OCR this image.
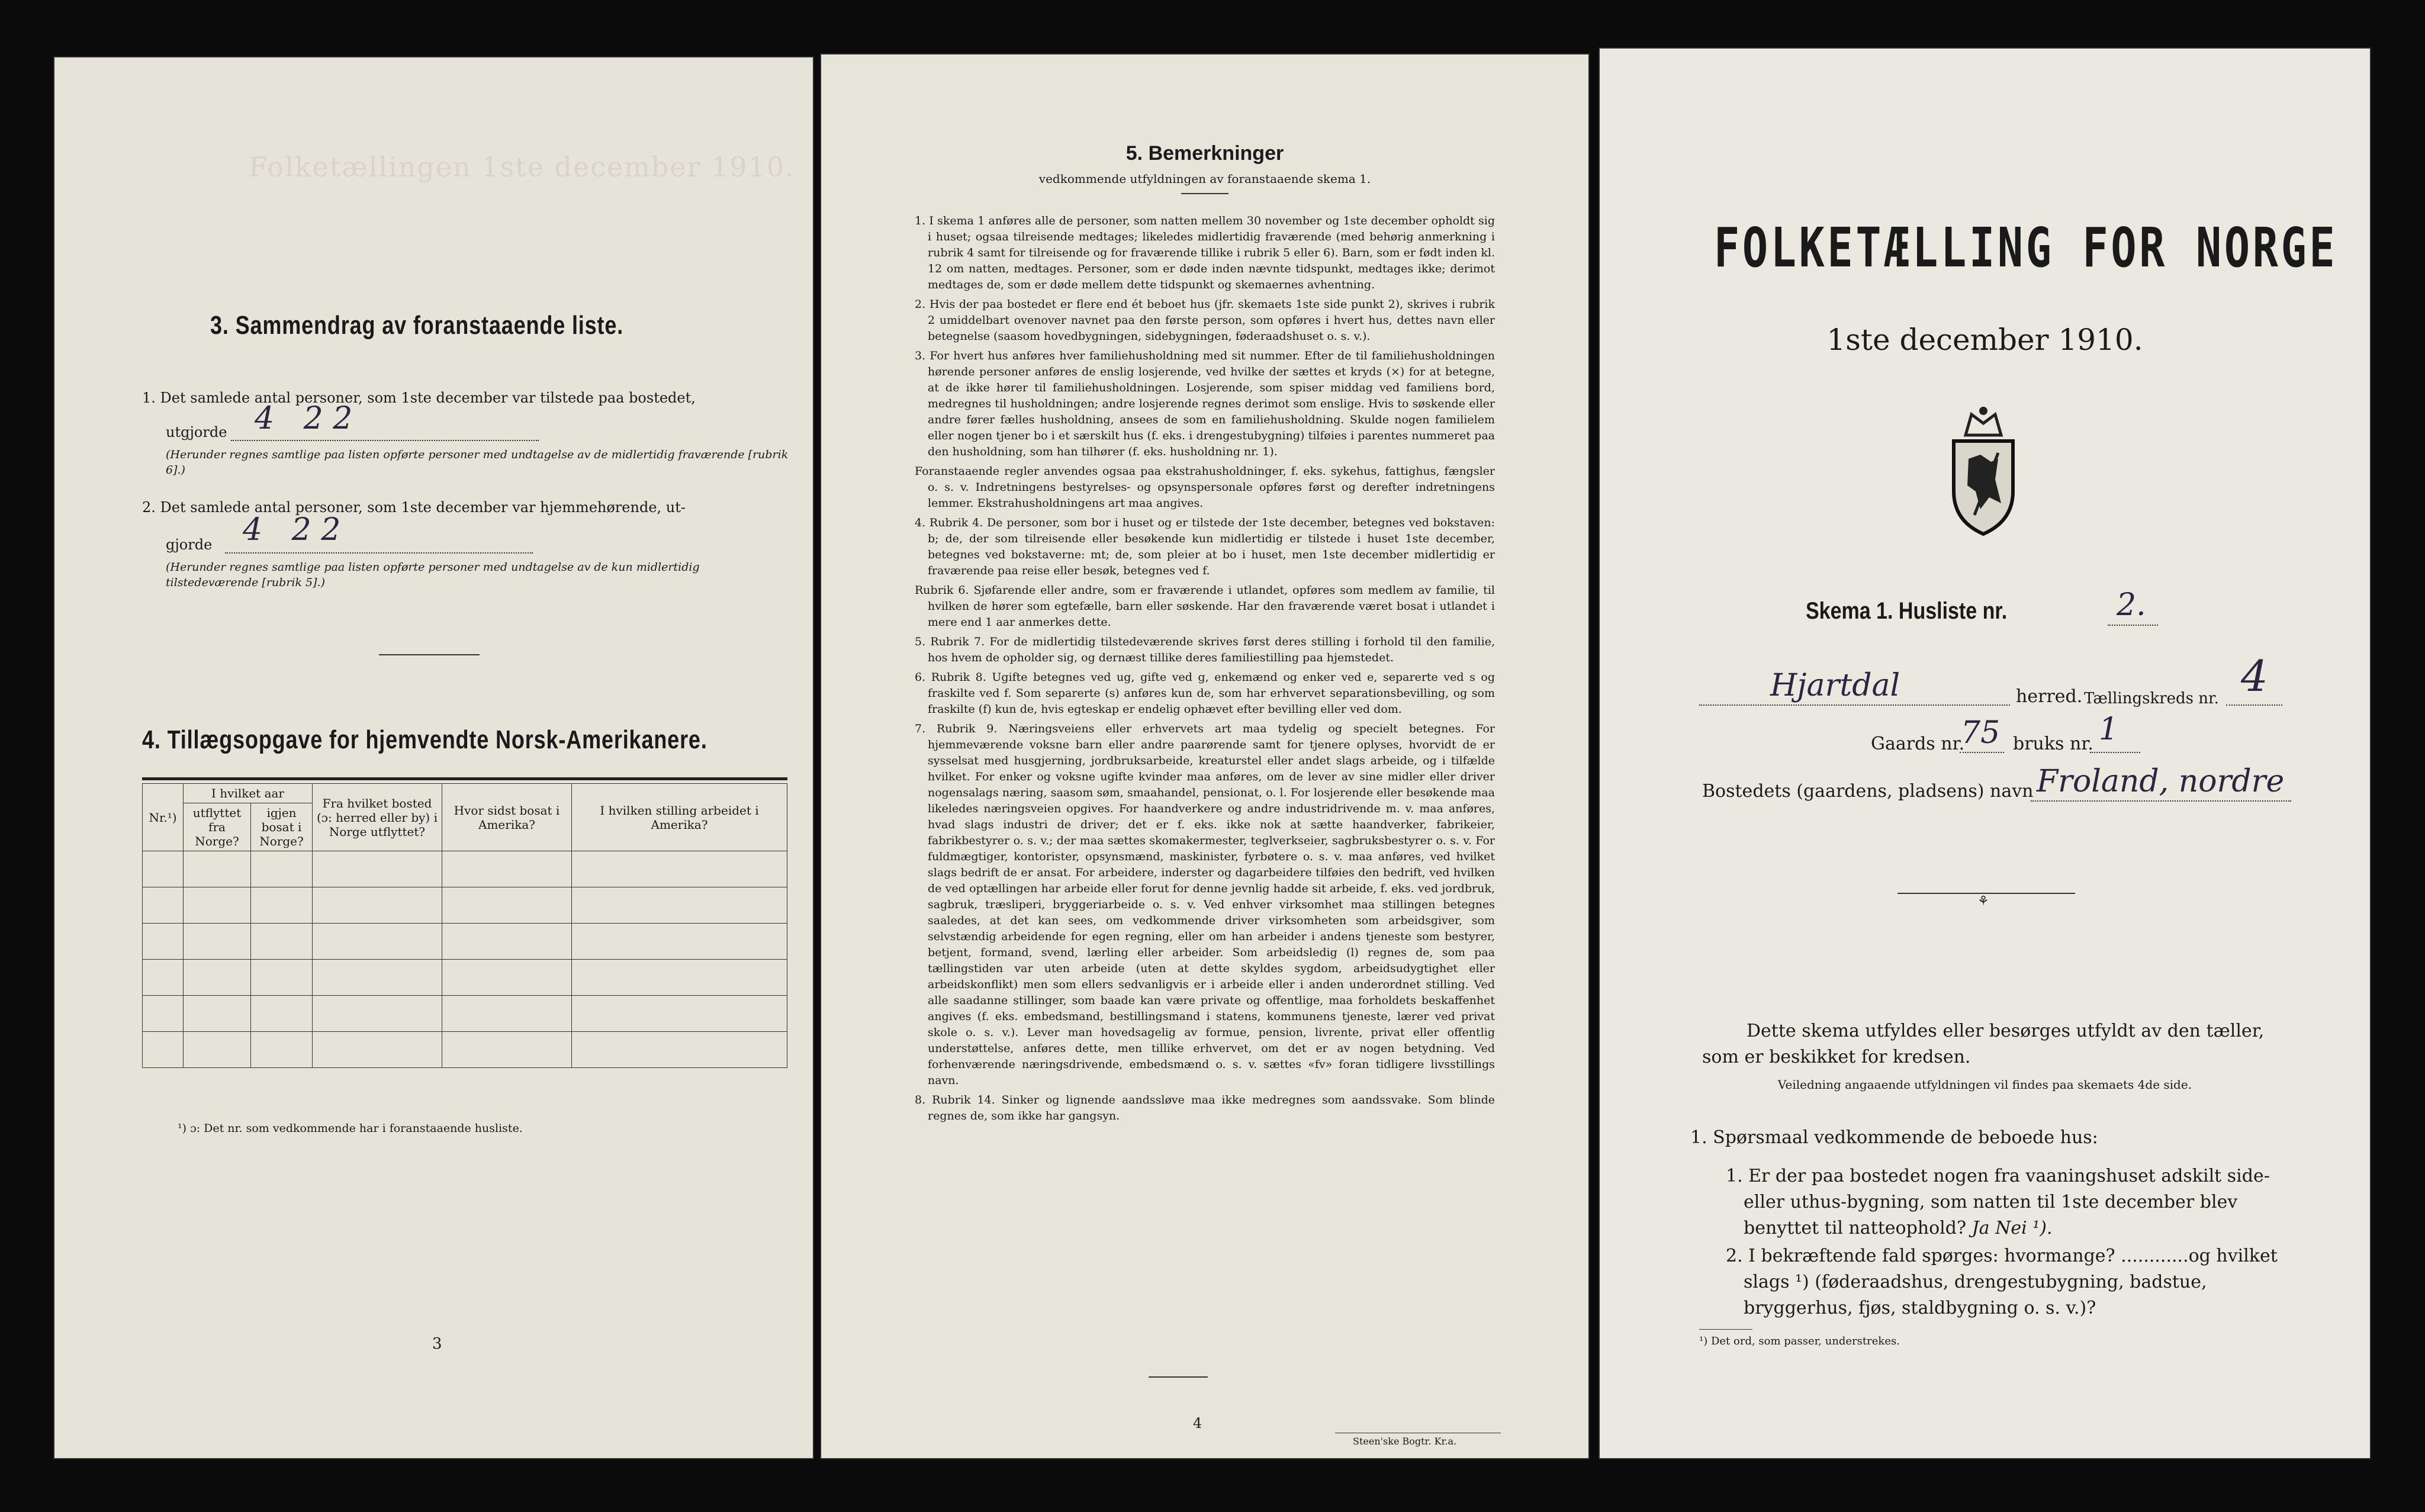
Folketællingen 1ste december 1910.
3. Sammendrag av foranstaaende liste.
1. Det samlede antal personer, som 1ste december var tilstede paa bostedet,
utgjorde 4   2 2
(Herunder regnes samtlige paa listen opførte personer med undtagelse av de midlertidig fraværende [rubrik 6].)
2. Det samlede antal personer, som 1ste december var hjemmehørende, ut-
gjorde 4   2 2
(Herunder regnes samtlige paa listen opførte personer med undtagelse av de kun midlertidig tilstedeværende [rubrik 5].)
4. Tillægsopgave for hjemvendte Norsk-Amerikanere.
Nr.¹)	I hvilket aar		Fra hvilket bosted (ɔ: herred eller by) i Norge utflyttet?	Hvor sidst bosat i Amerika?	I hvilken stilling arbeidet i Amerika?
	utflyttet fra Norge?	igjen bosat i Norge?			

¹) ɔ: Det nr. som vedkommende har i foranstaaende husliste.
3
5. Bemerkninger
vedkommende utfyldningen av foranstaaende skema 1.

1. I skema 1 anføres alle de personer, som natten mellem 30 november og 1ste december opholdt sig i huset; ogsaa tilreisende medtages; likeledes midlertidig fraværende (med behørig anmerkning i rubrik 4 samt for tilreisende og for fraværende tillike i rubrik 5 eller 6). Barn, som er født inden kl. 12 om natten, medtages. Personer, som er døde inden nævnte tidspunkt, medtages ikke; derimot medtages de, som er døde mellem dette tidspunkt og skemaernes avhentning.

2. Hvis der paa bostedet er flere end ét beboet hus (jfr. skemaets 1ste side punkt 2), skrives i rubrik 2 umiddelbart ovenover navnet paa den første person, som opføres i hvert hus, dettes navn eller betegnelse (saasom hovedbygningen, sidebygningen, føderaadshuset o. s. v.).

3. For hvert hus anføres hver familiehusholdning med sit nummer. Efter de til familiehusholdningen hørende personer anføres de enslig losjerende, ved hvilke der sættes et kryds (×) for at betegne, at de ikke hører til familiehusholdningen. Losjerende, som spiser middag ved familiens bord, medregnes til husholdningen; andre losjerende regnes derimot som enslige. Hvis to søskende eller andre fører fælles husholdning, ansees de som en familiehusholdning. Skulde nogen familielem eller nogen tjener bo i et særskilt hus (f. eks. i drengestubygning) tilføies i parentes nummeret paa den husholdning, som han tilhører (f. eks. husholdning nr. 1).

Foranstaaende regler anvendes ogsaa paa ekstrahusholdninger, f. eks. sykehus, fattighus, fængsler o. s. v. Indretningens bestyrelses- og opsynspersonale opføres først og derefter indretningens lemmer. Ekstrahusholdningens art maa angives.

4. Rubrik 4. De personer, som bor i huset og er tilstede der 1ste december, betegnes ved bokstaven: b; de, der som tilreisende eller besøkende kun midlertidig er tilstede i huset 1ste december, betegnes ved bokstaverne: mt; de, som pleier at bo i huset, men 1ste december midlertidig er fraværende paa reise eller besøk, betegnes ved f.

Rubrik 6. Sjøfarende eller andre, som er fraværende i utlandet, opføres som medlem av familie, til hvilken de hører som egtefælle, barn eller søskende. Har den fraværende været bosat i utlandet i mere end 1 aar anmerkes dette.

5. Rubrik 7. For de midlertidig tilstedeværende skrives først deres stilling i forhold til den familie, hos hvem de opholder sig, og dernæst tillike deres familiestilling paa hjemstedet.

6. Rubrik 8. Ugifte betegnes ved ug, gifte ved g, enkemænd og enker ved e, separerte ved s og fraskilte ved f. Som separerte (s) anføres kun de, som har erhvervet separationsbevilling, og som fraskilte (f) kun de, hvis egteskap er endelig ophævet efter bevilling eller ved dom.

7. Rubrik 9. Næringsveiens eller erhvervets art maa tydelig og specielt betegnes. For hjemmeværende voksne barn eller andre paarørende samt for tjenere oplyses, hvorvidt de er sysselsat med husgjerning, jordbruksarbeide, kreaturstel eller andet slags arbeide, og i tilfælde hvilket. For enker og voksne ugifte kvinder maa anføres, om de lever av sine midler eller driver nogensalags næring, saasom søm, smaahandel, pensionat, o. l. For losjerende eller besøkende maa likeledes næringsveien opgives. For haandverkere og andre industridrivende m. v. maa anføres, hvad slags industri de driver; det er f. eks. ikke nok at sætte haandverker, fabrikeier, fabrikbestyrer o. s. v.; der maa sættes skomakermester, teglverkseier, sagbruksbestyrer o. s. v. For fuldmægtiger, kontorister, opsynsmænd, maskinister, fyrbøtere o. s. v. maa anføres, ved hvilket slags bedrift de er ansat. For arbeidere, inderster og dagarbeidere tilføies den bedrift, ved hvilken de ved optællingen har arbeide eller forut for denne jevnlig hadde sit arbeide, f. eks. ved jordbruk, sagbruk, træsliperi, bryggeriarbeide o. s. v. Ved enhver virksomhet maa stillingen betegnes saaledes, at det kan sees, om vedkommende driver virksomheten som arbeidsgiver, som selvstændig arbeidende for egen regning, eller om han arbeider i andens tjeneste som bestyrer, betjent, formand, svend, lærling eller arbeider. Som arbeidsledig (l) regnes de, som paa tællingstiden var uten arbeide (uten at dette skyldes sygdom, arbeidsudygtighet eller arbeidskonflikt) men som ellers sedvanligvis er i arbeide eller i anden underordnet stilling. Ved alle saadanne stillinger, som baade kan være private og offentlige, maa forholdets beskaffenhet angives (f. eks. embedsmand, bestillingsmand i statens, kommunens tjeneste, lærer ved privat skole o. s. v.). Lever man hovedsagelig av formue, pension, livrente, privat eller offentlig understøttelse, anføres dette, men tillike erhvervet, om det er av nogen betydning. Ved forhenværende næringsdrivende, embedsmænd o. s. v. sættes «fv» foran tidligere livsstillings navn.

8. Rubrik 14. Sinker og lignende aandssløve maa ikke medregnes som aandssvake. Som blinde regnes de, som ikke har gangsyn.

4
Steen'ske Bogtr. Kr.a.
FOLKETÆLLING FOR NORGE
1ste december 1910.
Skema 1. Husliste nr.	2.
Hjartdal	herred. Tællingskreds nr. 4
Gaards nr.
75 bruks nr. 1
Bostedets (gaardens, pladsens) navn Froland, nordre
⚘
Dette skema utfyldes eller besørges utfyldt av den tæller, som er beskikket for kredsen.
Veiledning angaaende utfyldningen vil findes paa skemaets 4de side.
1. Spørsmaal vedkommende de beboede hus:
1. Er der paa bostedet nogen fra vaaningshuset adskilt side- eller uthus-bygning, som natten til 1ste december blev benyttet til natteophold? Ja Nei ¹).
2. I bekræftende fald spørges: hvormange? ............og hvilket slags ¹) (føderaadshus, drengestubygning, badstue, bryggerhus, fjøs, staldbygning o. s. v.)?
¹) Det ord, som passer, understrekes.
